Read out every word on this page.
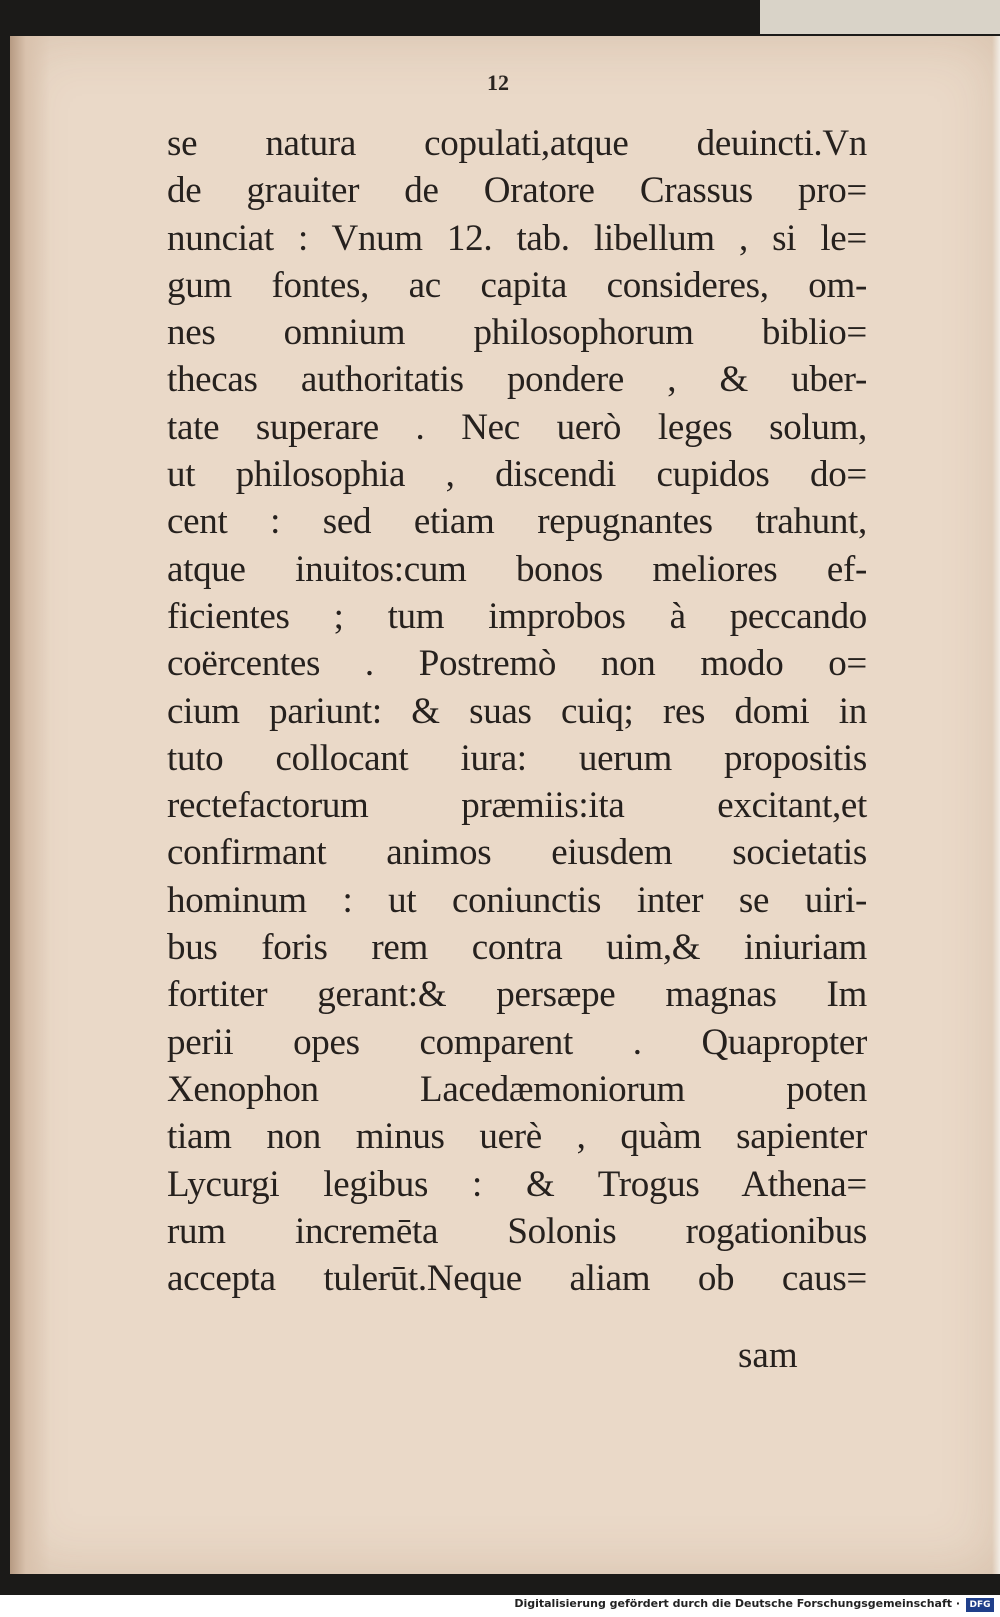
12
se natura copulati,atque deuincti.Vn
de grauiter de Oratore Crassus pro=
nunciat : Vnum 12. tab. libellum , si le=
gum fontes, ac capita consideres, om-
nes omnium philosophorum biblio=
thecas authoritatis pondere , & uber-
tate superare . Nec uerò leges solum,
ut philosophia , discendi cupidos do=
cent : sed etiam repugnantes trahunt,
atque inuitos:cum bonos meliores ef-
ficientes ; tum improbos à peccando
coërcentes . Postremò non modo o=
cium pariunt: & suas cuiq; res domi in
tuto collocant iura: uerum propositis
rectefactorum præmiis:ita excitant,et
confirmant animos eiusdem societatis
hominum : ut coniunctis inter se uiri-
bus foris rem contra uim,& iniuriam
fortiter gerant:& persæpe magnas Im
perii opes comparent . Quapropter
Xenophon Lacedæmoniorum poten
tiam non minus uerè , quàm sapienter
Lycurgi legibus : & Trogus Athena=
rum incremēta Solonis rogationibus
accepta tulerūt.Neque aliam ob caus=
sam
Digitalisierung gefördert durch die Deutsche Forschungsgemeinschaft ·	DFG
